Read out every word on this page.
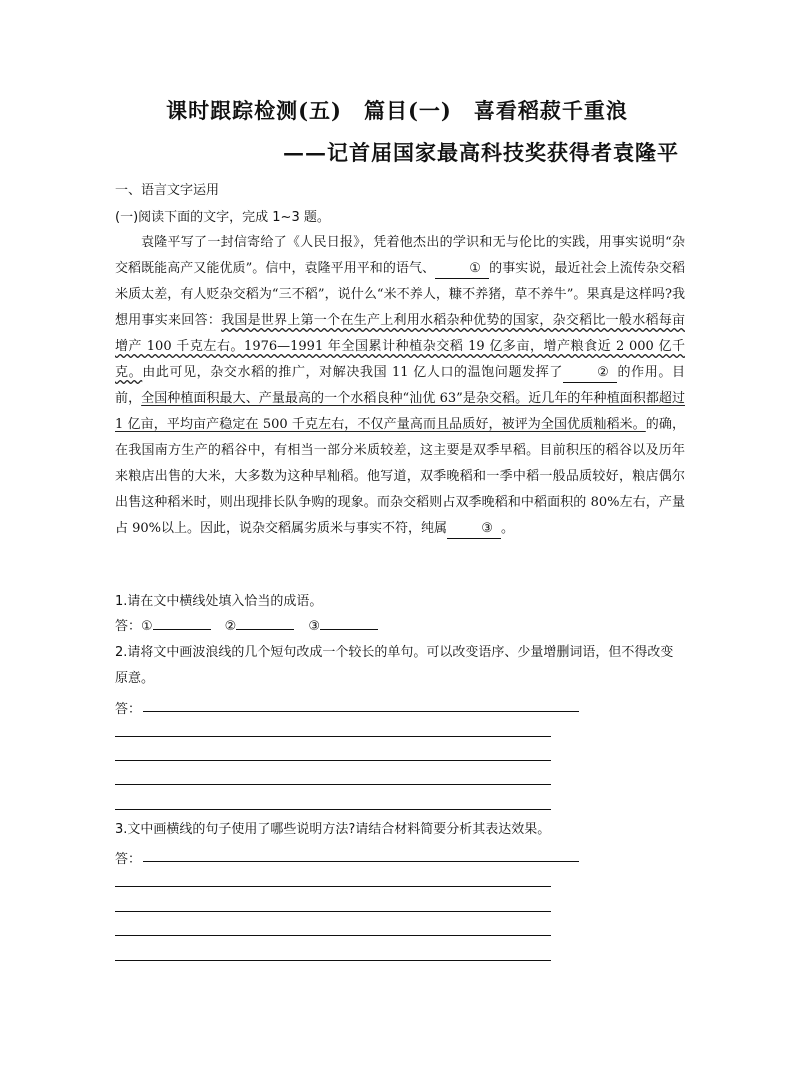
课时跟踪检测(五)　篇目(一)　喜看稻菽千重浪
——记首届国家最高科技奖获得者袁隆平
一、语言文字运用
(一)阅读下面的文字，完成 1~3 题。

袁隆平写了一封信寄给了《人民日报》，凭着他杰出的学识和无与伦比的实践，用事实说明“杂交稻既能高产又能优质”。信中，袁隆平用平和的语气、	① 的事实说，最近社会上流传杂交稻米质太差，有人贬杂交稻为“三不稻”，说什么“米不养人，糠不养猪，草不养牛”。果真是这样吗?我想用事实来回答：我国是世界上第一个在生产上利用水稻杂种优势的国家，杂交稻比一般水稻每亩增产 100 千克左右。1976—1991 年全国累计种植杂交稻 19 亿多亩，增产粮食近 2 000 亿千克。由此可见，杂交水稻的推广，对解决我国 11 亿人口的温饱问题发挥了	② 的作用。目前，全国种植面积最大、产量最高的一个水稻良种“汕优 63”是杂交稻。近几年的年种植面积都超过 1 亿亩，平均亩产稳定在 500 千克左右，不仅产量高而且品质好，被评为全国优质籼稻米。的确，在我国南方生产的稻谷中，有相当一部分米质较差，这主要是双季早稻。目前积压的稻谷以及历年来粮店出售的大米，大多数为这种早籼稻。他写道，双季晚稻和一季中稻一般品质较好，粮店偶尔出售这种稻米时，则出现排长队争购的现象。而杂交稻则占双季晚稻和中稻面积的 80%左右，产量占 90%以上。因此，说杂交稻属劣质米与事实不符，纯属	③ 。

1.请在文中横线处填入恰当的成语。
答：①	②	③
2.请将文中画波浪线的几个短句改成一个较长的单句。可以改变语序、少量增删词语，但不得改变原意。
答：
3.文中画横线的句子使用了哪些说明方法?请结合材料简要分析其表达效果。
答：
